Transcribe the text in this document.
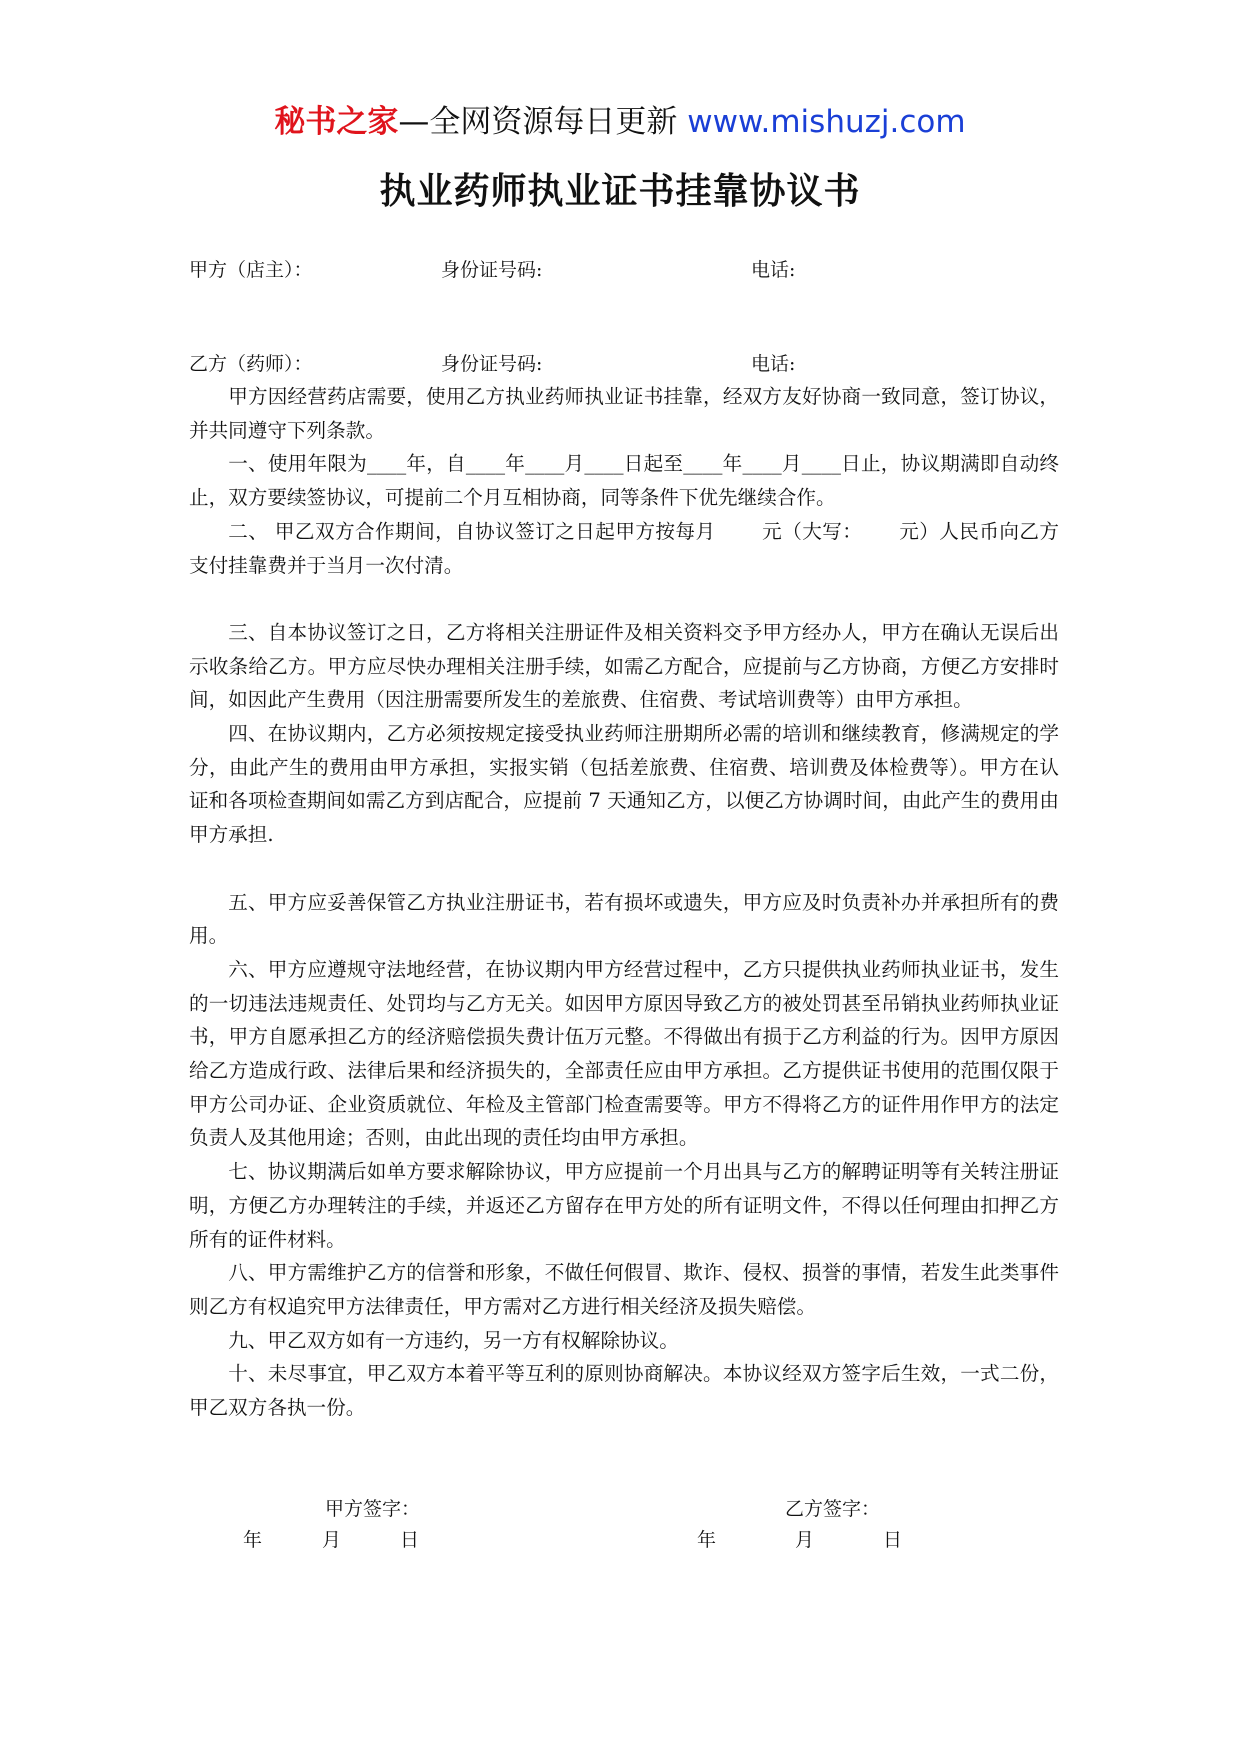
秘书之家—全网资源每日更新 www.mishuzj.com
执业药师执业证书挂靠协议书
甲方（店主）：	身份证号码:	电话:
乙方（药师）：	身份证号码:	电话:

甲方因经营药店需要，使用乙方执业药师执业证书挂靠，经双方友好协商一致同意，签订协议，并共同遵守下列条款。

一、使用年限为____年，自____年____月____日起至____年____月____日止，协议期满即自动终止，双方要续签协议，可提前二个月互相协商，同等条件下优先继续合作。

二、 甲乙双方合作期间，自协议签订之日起甲方按每月　　 元（大写：　　 元）人民币向乙方支付挂靠费并于当月一次付清。

三、自本协议签订之日，乙方将相关注册证件及相关资料交予甲方经办人，甲方在确认无误后出示收条给乙方。甲方应尽快办理相关注册手续，如需乙方配合，应提前与乙方协商，方便乙方安排时间，如因此产生费用（因注册需要所发生的差旅费、住宿费、考试培训费等）由甲方承担。

四、在协议期内，乙方必须按规定接受执业药师注册期所必需的培训和继续教育，修满规定的学分，由此产生的费用由甲方承担，实报实销（包括差旅费、住宿费、培训费及体检费等）。甲方在认证和各项检查期间如需乙方到店配合，应提前 7 天通知乙方，以便乙方协调时间，由此产生的费用由甲方承担.

五、甲方应妥善保管乙方执业注册证书，若有损坏或遗失，甲方应及时负责补办并承担所有的费用。

六、甲方应遵规守法地经营，在协议期内甲方经营过程中，乙方只提供执业药师执业证书，发生的一切违法违规责任、处罚均与乙方无关。如因甲方原因导致乙方的被处罚甚至吊销执业药师执业证书，甲方自愿承担乙方的经济赔偿损失费计伍万元整。不得做出有损于乙方利益的行为。因甲方原因给乙方造成行政、法律后果和经济损失的，全部责任应由甲方承担。乙方提供证书使用的范围仅限于甲方公司办证、企业资质就位、年检及主管部门检查需要等。甲方不得将乙方的证件用作甲方的法定负责人及其他用途；否则，由此出现的责任均由甲方承担。

七、协议期满后如单方要求解除协议，甲方应提前一个月出具与乙方的解聘证明等有关转注册证明，方便乙方办理转注的手续，并返还乙方留存在甲方处的所有证明文件，不得以任何理由扣押乙方所有的证件材料。

八、甲方需维护乙方的信誉和形象，不做任何假冒、欺诈、侵权、损誉的事情，若发生此类事件则乙方有权追究甲方法律责任，甲方需对乙方进行相关经济及损失赔偿。

九、甲乙双方如有一方违约，另一方有权解除协议。

十、未尽事宜，甲乙双方本着平等互利的原则协商解决。本协议经双方签字后生效，一式二份，甲乙双方各执一份。

甲方签字：	乙方签字：
年	月	日	年	月	日
